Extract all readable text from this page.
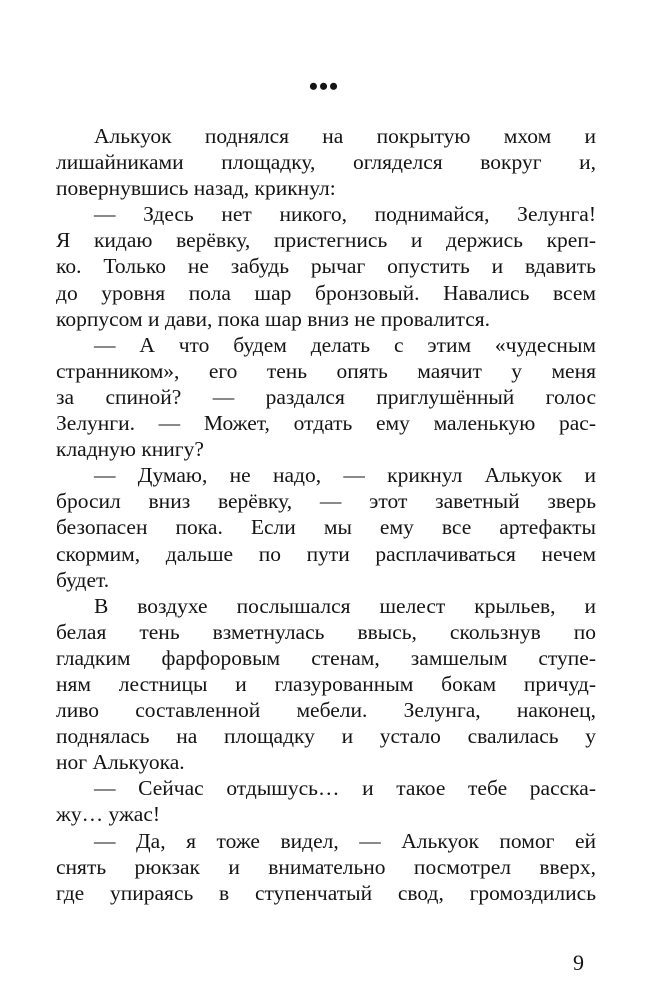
•••
Алькуок поднялся на покрытую мхом и
лишайниками площадку, огляделся вокруг и,
повернувшись назад, крикнул:
— Здесь нет никого, поднимайся, Зелунга!
Я кидаю верёвку, пристегнись и держись креп-
ко. Только не забудь рычаг опустить и вдавить
до уровня пола шар бронзовый. Навались всем
корпусом и дави, пока шар вниз не провалится.
— А что будем делать с этим «чудесным
странником», его тень опять маячит у меня
за спиной? — раздался приглушённый голос
Зелунги. — Может, отдать ему маленькую рас-
кладную книгу?
— Думаю, не надо, — крикнул Алькуок и
бросил вниз верёвку, — этот заветный зверь
безопасен пока. Если мы ему все артефакты
скормим, дальше по пути расплачиваться нечем
будет.
В воздухе послышался шелест крыльев, и
белая тень взметнулась ввысь, скользнув по
гладким фарфоровым стенам, замшелым ступе-
ням лестницы и глазурованным бокам причуд-
ливо составленной мебели. Зелунга, наконец,
поднялась на площадку и устало свалилась у
ног Алькуока.
— Сейчас отдышусь… и такое тебе расска-
жу… ужас!
— Да, я тоже видел, — Алькуок помог ей
снять рюкзак и внимательно посмотрел вверх,
где упираясь в ступенчатый свод, громоздились
9
